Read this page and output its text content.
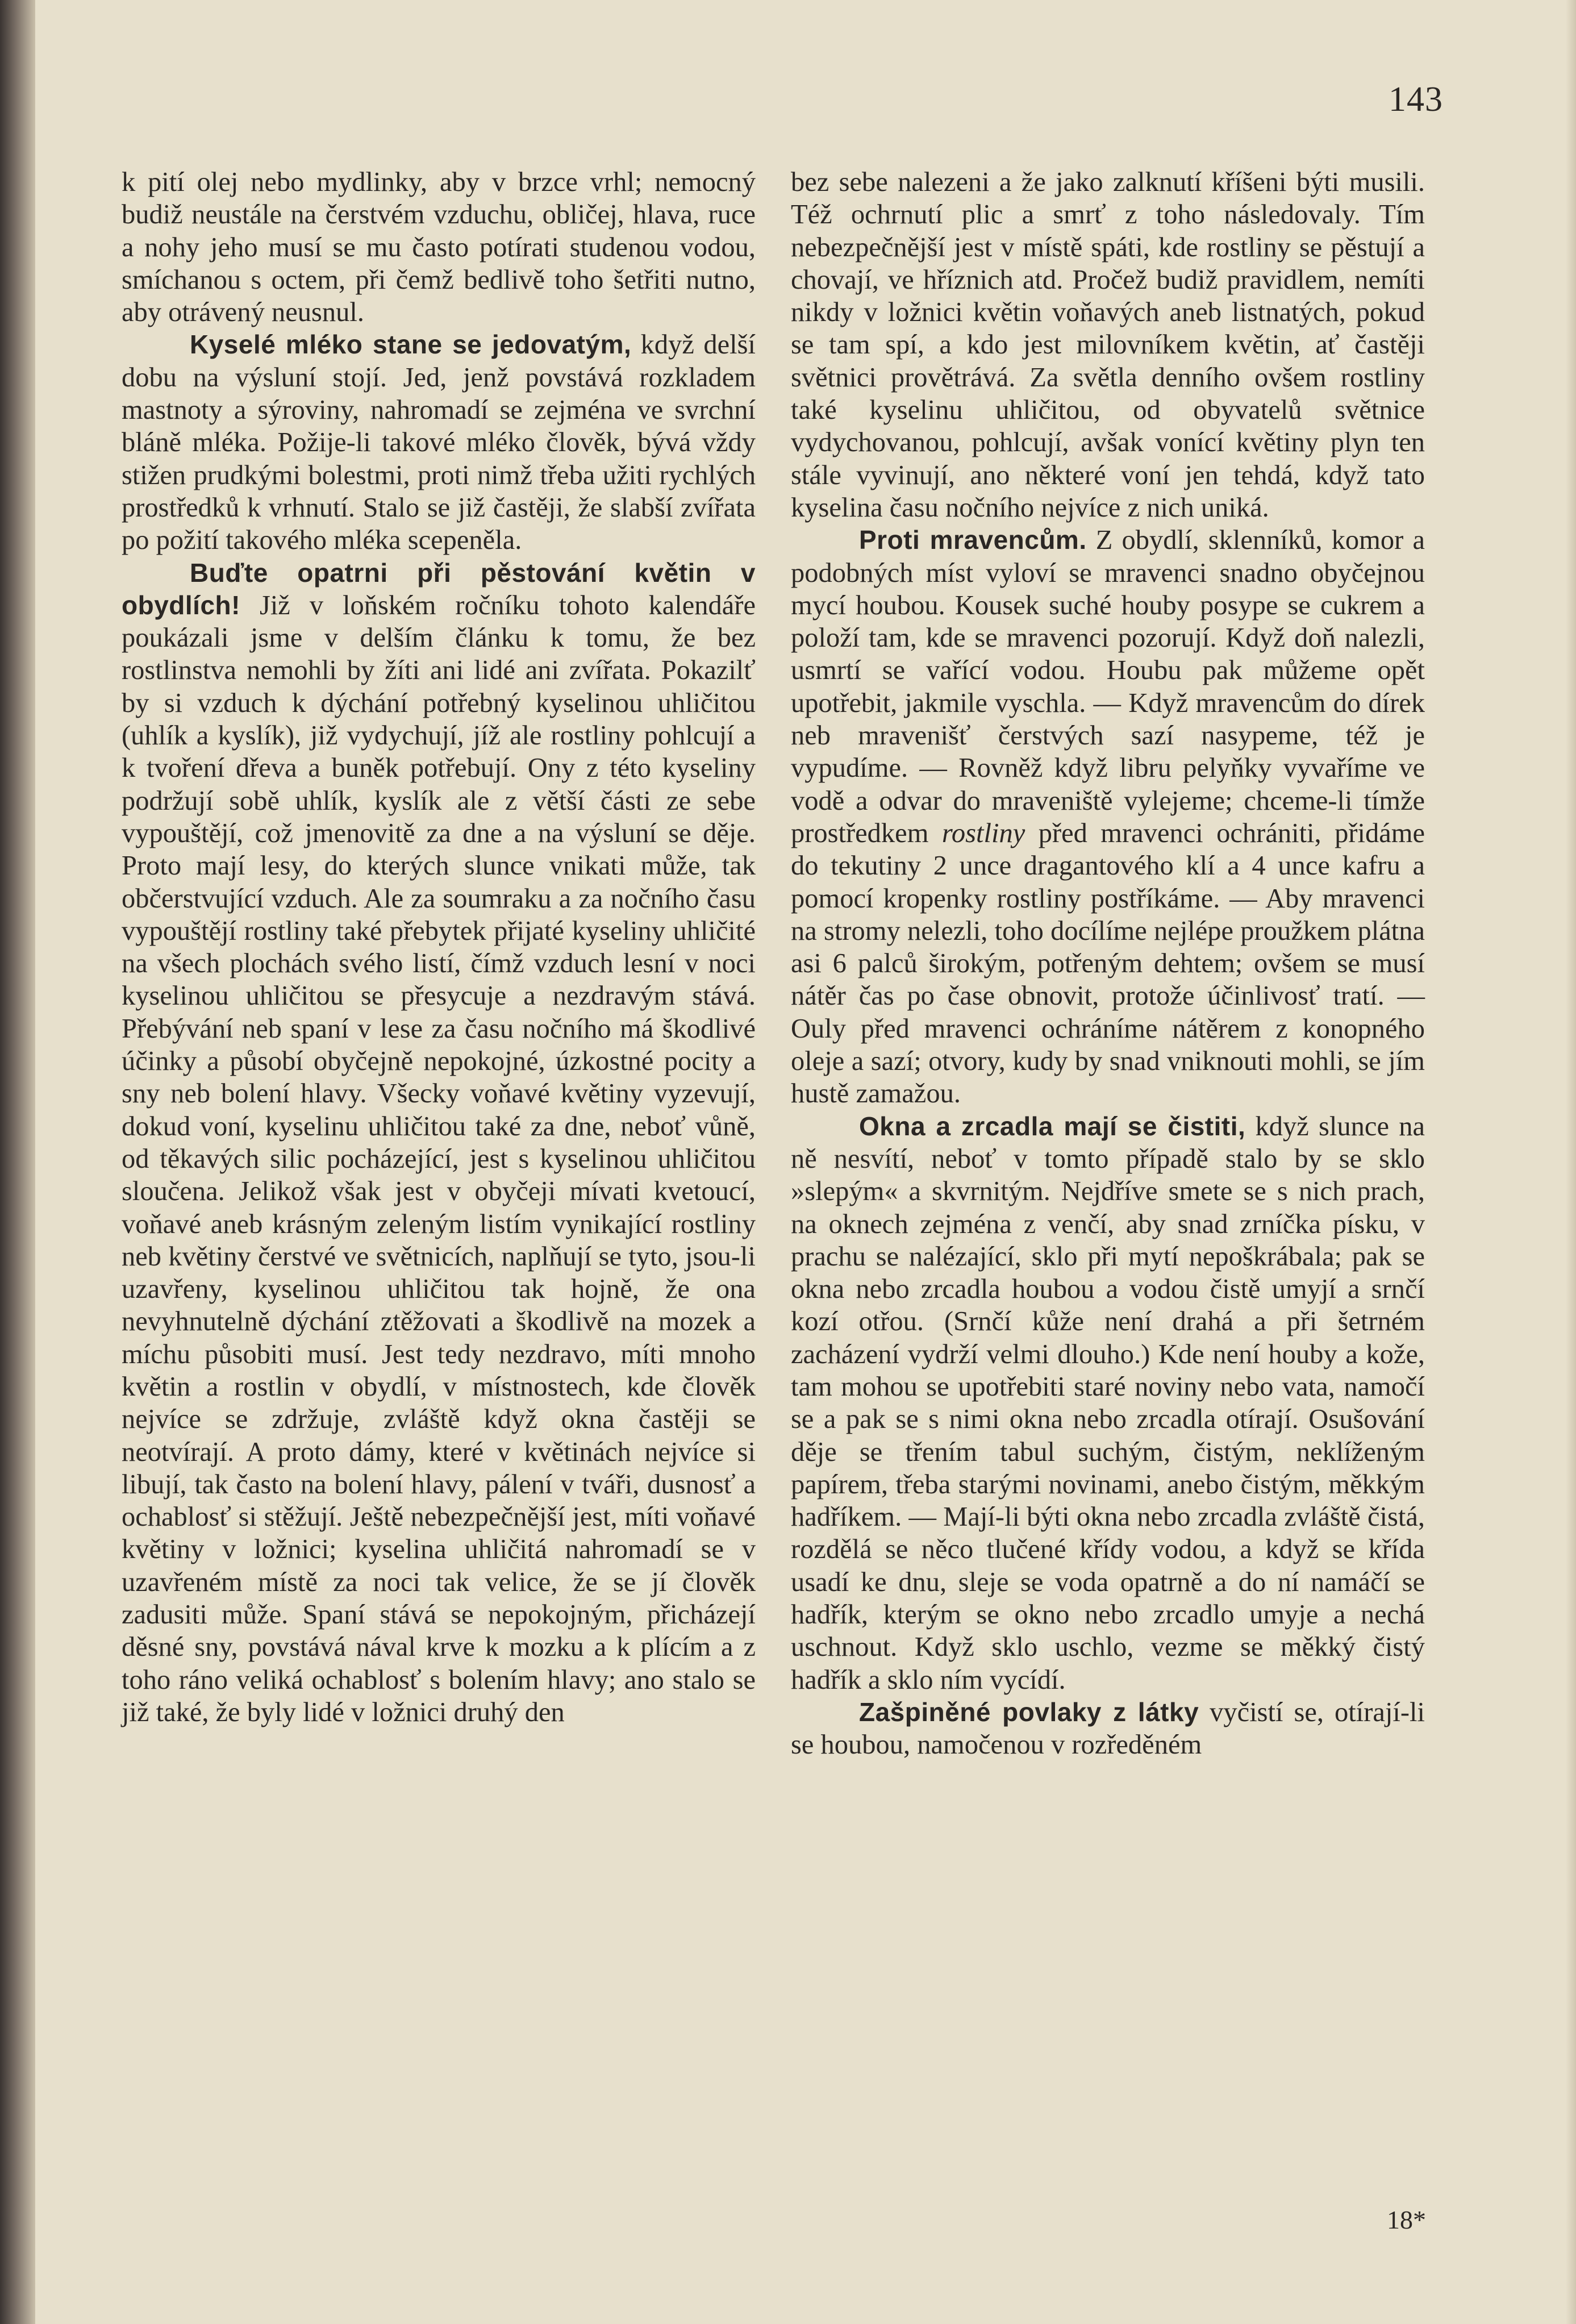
143

k pití olej nebo mydlinky, aby v brzce vrhl; nemocný budiž neustále na čerstvém vzduchu, obličej, hlava, ruce a nohy jeho musí se mu často potírati studenou vodou, smíchanou s octem, při čemž bedlivě toho šetřiti nutno, aby otrávený neusnul.

Kyselé mléko stane se jedovatým, když delší dobu na výsluní stojí. Jed, jenž povstává rozkladem mastnoty a sýroviny, nahromadí se zejména ve svrchní bláně mléka. Požije-li takové mléko člověk, bývá vždy stižen prudkými bolestmi, proti nimž třeba užiti rychlých prostředků k vrhnutí. Stalo se již častěji, že slabší zvířata po požití takového mléka scepeněla.

Buďte opatrni při pěstování květin v obydlích! Již v loňském ročníku tohoto kalendáře poukázali jsme v delším článku k tomu, že bez rostlinstva nemohli by žíti ani lidé ani zvířata. Pokazilť by si vzduch k dýchání potřebný kyselinou uhličitou (uhlík a kyslík), již vydychují, jíž ale rostliny pohlcují a k tvoření dřeva a buněk potřebují. Ony z této kyseliny podržují sobě uhlík, kyslík ale z větší části ze sebe vypouštějí, což jmenovitě za dne a na výsluní se děje. Proto mají lesy, do kterých slunce vnikati může, tak občerstvující vzduch. Ale za soumraku a za nočního času vypouštějí rostliny také přebytek přijaté kyseliny uhličité na všech plochách svého listí, čímž vzduch lesní v noci kyselinou uhličitou se přesycuje a nezdravým stává. Přebývání neb spaní v lese za času nočního má škodlivé účinky a působí obyčejně nepokojné, úzkostné pocity a sny neb bolení hlavy. Všecky voňavé květiny vyzevují, dokud voní, kyselinu uhličitou také za dne, neboť vůně, od těkavých silic pocházející, jest s kyselinou uhličitou sloučena. Jelikož však jest v obyčeji mívati kvetoucí, voňavé aneb krásným zeleným listím vynikající rostliny neb květiny čerstvé ve světnicích, naplňují se tyto, jsou-li uzavřeny, kyselinou uhličitou tak hojně, že ona nevyhnutelně dýchání ztěžovati a škodlivě na mozek a míchu působiti musí. Jest tedy nezdravo, míti mnoho květin a rostlin v obydlí, v místnostech, kde člověk nejvíce se zdržuje, zvláště když okna častěji se neotvírají. A proto dámy, které v květinách nejvíce si libují, tak často na bolení hlavy, pálení v tváři, dusnosť a ochablosť si stěžují. Ještě nebezpečnější jest, míti voňavé květiny v ložnici; kyselina uhličitá nahromadí se v uzavřeném místě za noci tak velice, že se jí člověk zadusiti může. Spaní stává se nepokojným, přicházejí děsné sny, povstává nával krve k mozku a k plícím a z toho ráno veliká ochablosť s bolením hlavy; ano stalo se již také, že byly lidé v ložnici druhý den

bez sebe nalezeni a že jako zalknutí kříšeni býti musili. Též ochrnutí plic a smrť z toho následovaly. Tím nebezpečnější jest v místě spáti, kde rostliny se pěstují a chovají, ve hříznich atd. Pročež budiž pravidlem, nemíti nikdy v ložnici květin voňavých aneb listnatých, pokud se tam spí, a kdo jest milovníkem květin, ať častěji světnici provětrává. Za světla denního ovšem rostliny také kyselinu uhličitou, od obyvatelů světnice vydychovanou, pohlcují, avšak vonící květiny plyn ten stále vyvinují, ano některé voní jen tehdá, když tato kyselina času nočního nejvíce z nich uniká.

Proti mravencům. Z obydlí, sklenníků, komor a podobných míst vyloví se mravenci snadno obyčejnou mycí houbou. Kousek suché houby posype se cukrem a položí tam, kde se mravenci pozorují. Když doň nalezli, usmrtí se vařící vodou. Houbu pak můžeme opět upotřebit, jakmile vyschla. — Když mravencům do dírek neb mravenišť čerstvých sazí nasypeme, též je vypudíme. — Rovněž když libru pelyňky vyvaříme ve vodě a odvar do mraveniště vylejeme; chceme-li tímže prostředkem rostliny před mravenci ochrániti, přidáme do tekutiny 2 unce dragantového klí a 4 unce kafru a pomocí kropenky rostliny postříkáme. — Aby mravenci na stromy nelezli, toho docílíme nejlépe proužkem plátna asi 6 palců širokým, potřeným dehtem; ovšem se musí nátěr čas po čase obnovit, protože účinlivosť tratí. — Ouly před mravenci ochráníme nátěrem z konopného oleje a sazí; otvory, kudy by snad vniknouti mohli, se jím hustě zamažou.

Okna a zrcadla mají se čistiti, když slunce na ně nesvítí, neboť v tomto případě stalo by se sklo »slepým« a skvrnitým. Nejdříve smete se s nich prach, na oknech zejména z venčí, aby snad zrníčka písku, v prachu se nalézající, sklo při mytí nepoškrábala; pak se okna nebo zrcadla houbou a vodou čistě umyjí a srnčí kozí otřou. (Srnčí kůže není drahá a při šetrném zacházení vydrží velmi dlouho.) Kde není houby a kože, tam mohou se upotřebiti staré noviny nebo vata, namočí se a pak se s nimi okna nebo zrcadla otírají. Osušování děje se třením tabul suchým, čistým, neklíženým papírem, třeba starými novinami, anebo čistým, měkkým hadříkem. — Mají-li býti okna nebo zrcadla zvláště čistá, rozdělá se něco tlučené křídy vodou, a když se křída usadí ke dnu, sleje se voda opatrně a do ní namáčí se hadřík, kterým se okno nebo zrcadlo umyje a nechá uschnout. Když sklo uschlo, vezme se měkký čistý hadřík a sklo ním vycídí.

Zašpiněné povlaky z látky vyčistí se, otírají-li se houbou, namočenou v rozředěném

18*
